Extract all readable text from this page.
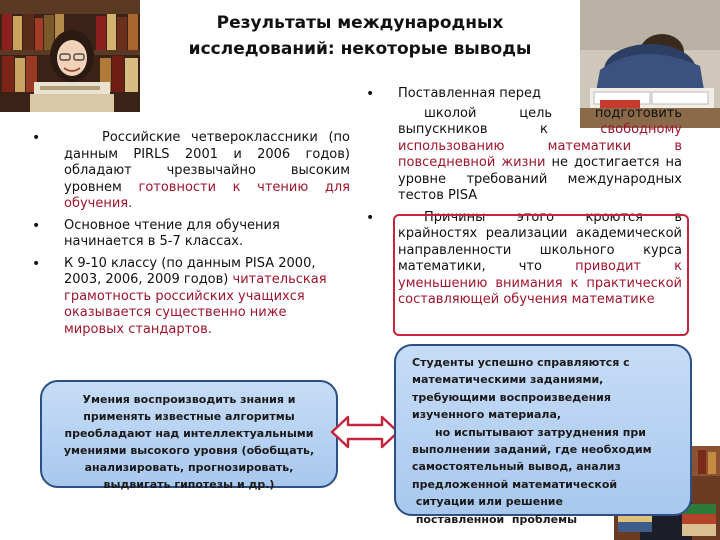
Результаты международных
исследований: некоторые выводы
•	Российские четвероклассники (по данным PIRLS 2001 и 2006 годов) обладают чрезвычайно высоким уровнем готовности к чтению для обучения.
• Основное чтение для обучения начинается в 5-7 классах.
• К 9-10 классу (по данным PISA 2000, 2003, 2006, 2009 годов) читательская грамотность российских учащихся оказывается существенно ниже мировых стандартов.
• Поставленная перед
школой цель подготовить выпускников к свободному использованию математики в повседневной жизни не достигается на уровне требований международных тестов PISA
•	Причины этого кроются в крайностях реализации академической направленности школьного курса математики, что приводит к уменьшению внимания к практической составляющей обучения математике
Умения воспроизводить знания и применять известные алгоритмы преобладают над интеллектуальными умениями высокого уровня (обобщать, анализировать, прогнозировать, выдвигать гипотезы и др.)

Студенты успешно справляются с

математическими заданиями,

требующими воспроизведения

изученного материала,

но испытывают затруднения при

выполнении заданий, где необходим

самостоятельный вывод, анализ

предложенной математической

ситуации или решение

поставленной  проблемы
